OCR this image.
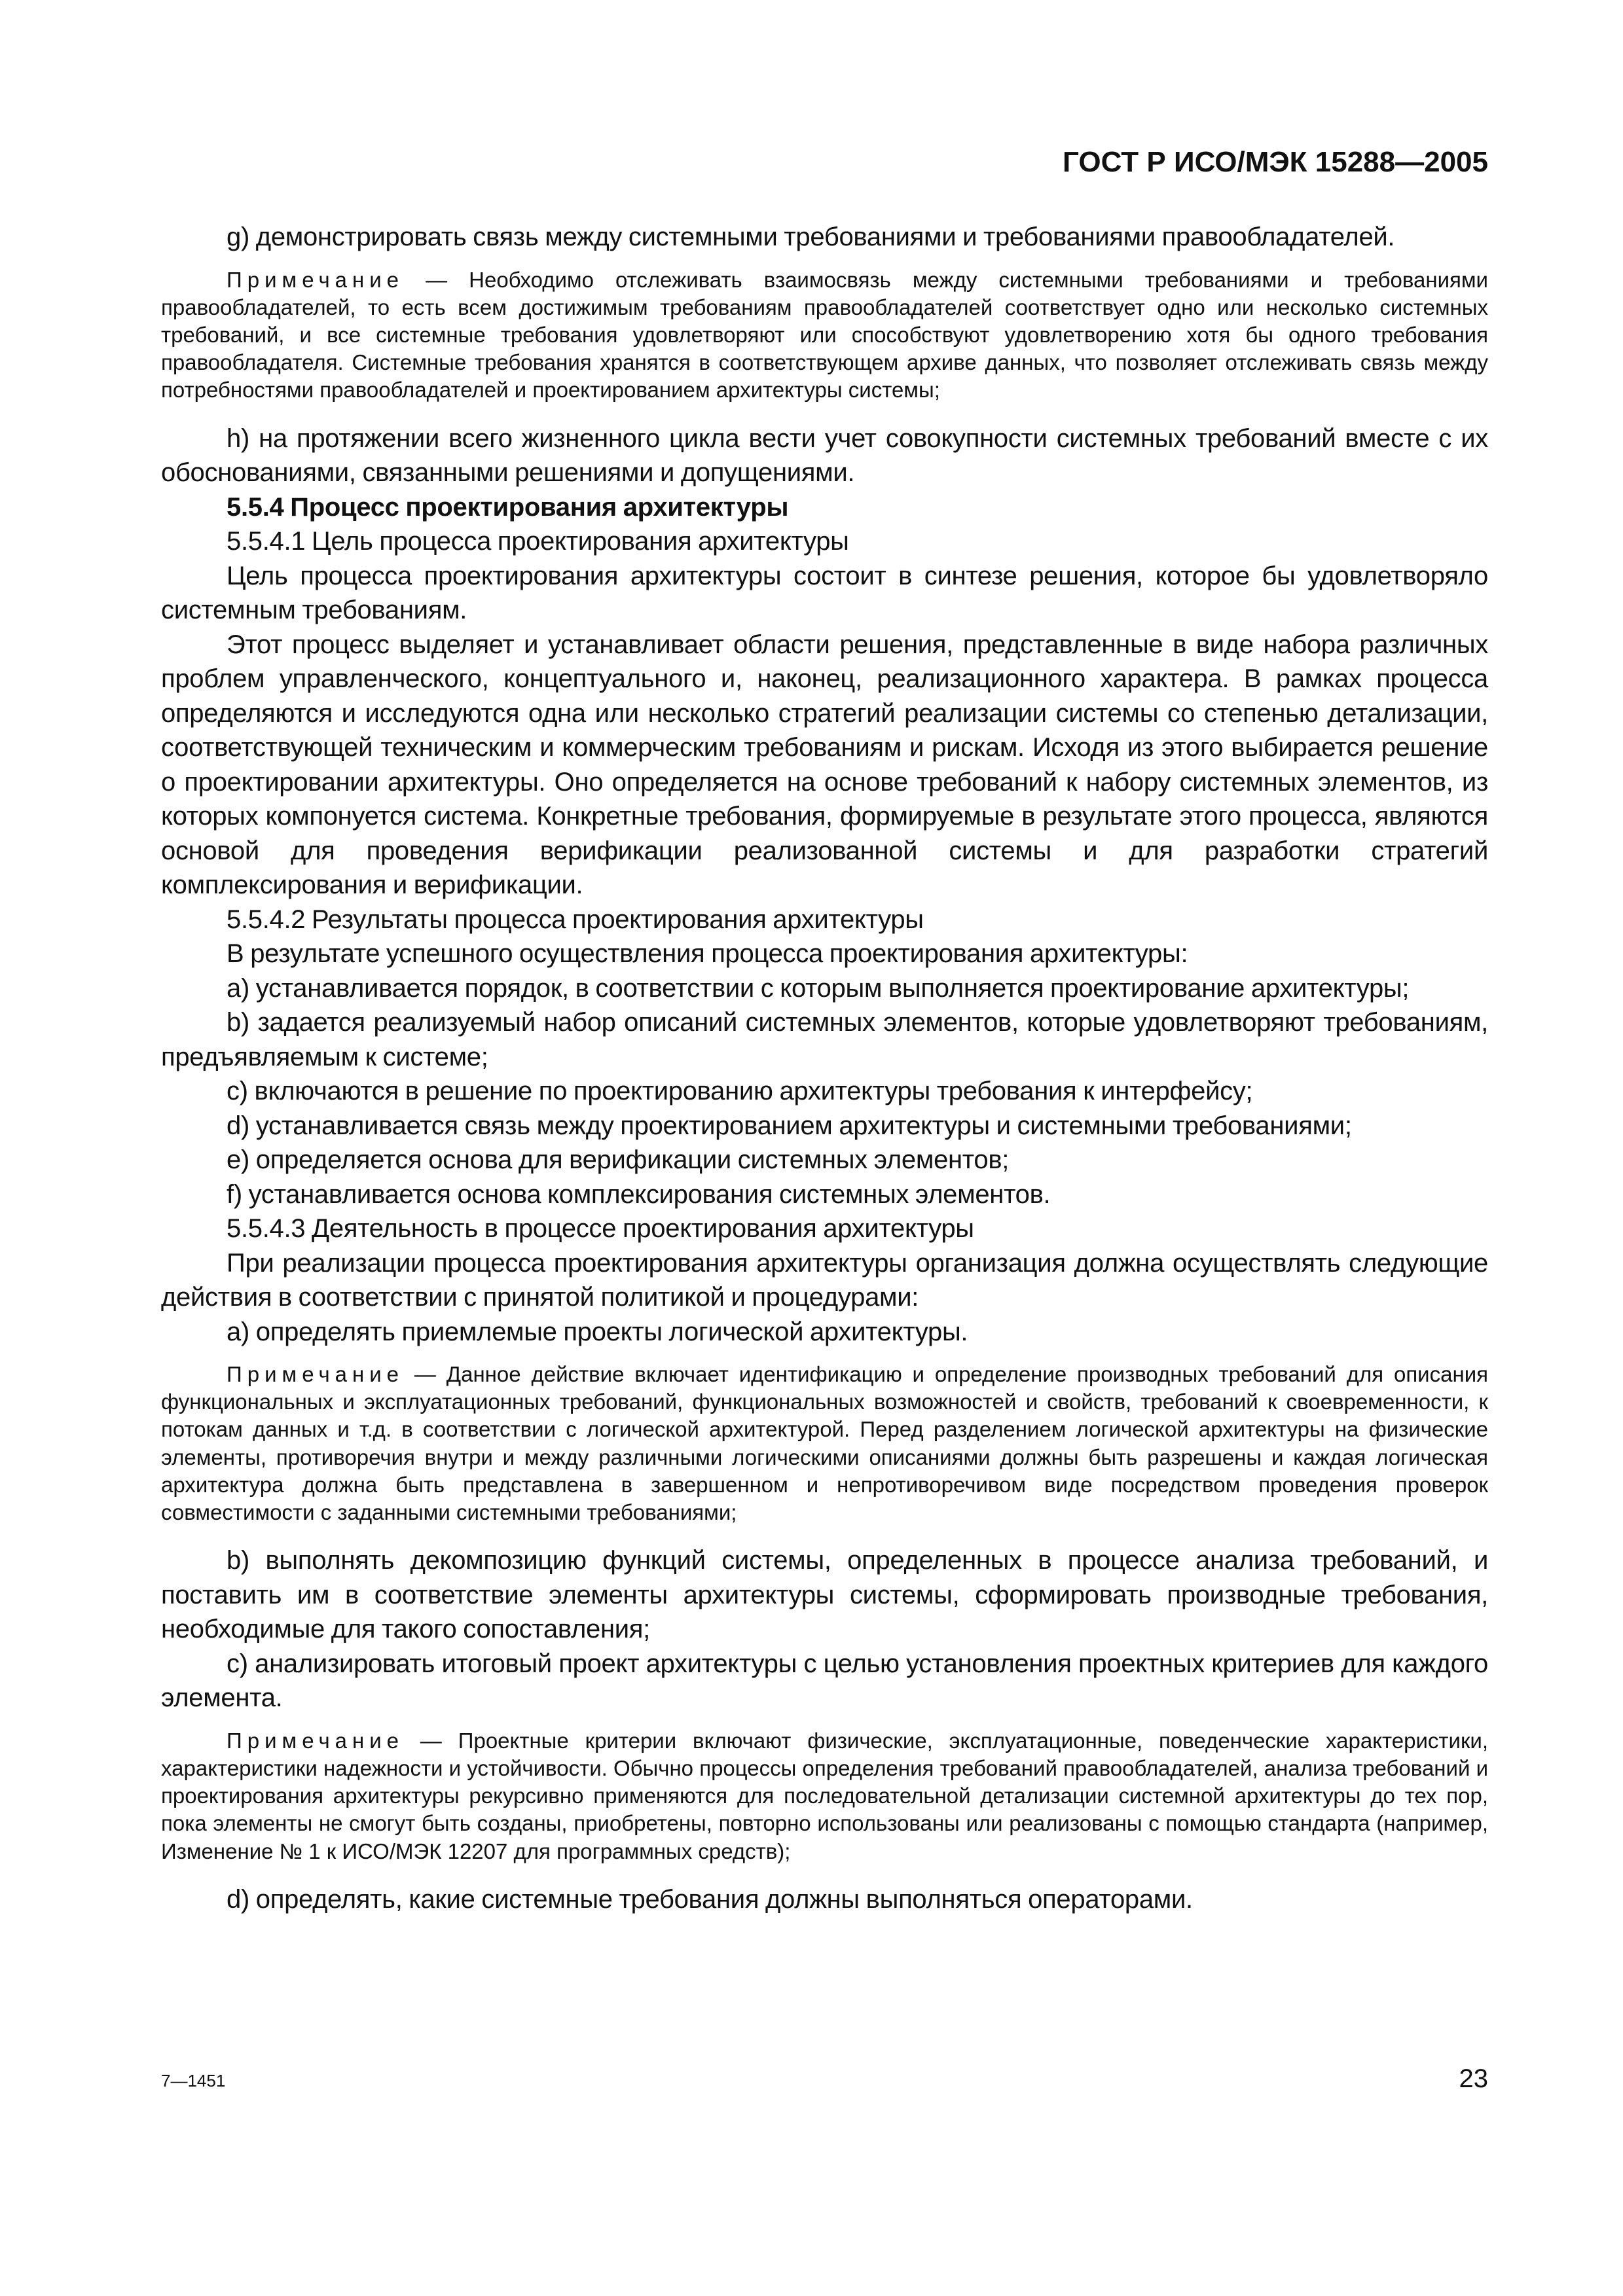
ГОСТ Р ИСО/МЭК 15288—2005

g) демонстрировать связь между системными требованиями и требованиями правообладателей.

Примечание — Необходимо отслеживать взаимосвязь между системными требованиями и требованиями правообладателей, то есть всем достижимым требованиям правообладателей соответствует одно или несколько системных требований, и все системные требования удовлетворяют или способствуют удовлетворению хотя бы одного требования правообладателя. Системные требования хранятся в соответствующем архиве данных, что позволяет отслеживать связь между потребностями правообладателей и проектированием архитектуры системы;

h) на протяжении всего жизненного цикла вести учет совокупности системных требований вместе с их обоснованиями, связанными решениями и допущениями.

5.5.4 Процесс проектирования архитектуры

5.5.4.1 Цель процесса проектирования архитектуры

Цель процесса проектирования архитектуры состоит в синтезе решения, которое бы удовлетворяло системным требованиям.

Этот процесс выделяет и устанавливает области решения, представленные в виде набора различных проблем управленческого, концептуального и, наконец, реализационного характера. В рамках процесса определяются и исследуются одна или несколько стратегий реализации системы со степенью детализации, соответствующей техническим и коммерческим требованиям и рискам. Исходя из этого выбирается решение о проектировании архитектуры. Оно определяется на основе требований к набору системных элементов, из которых компонуется система. Конкретные требования, формируемые в результате этого процесса, являются основой для проведения верификации реализованной системы и для разработки стратегий комплексирования и верификации.

5.5.4.2 Результаты процесса проектирования архитектуры

В результате успешного осуществления процесса проектирования архитектуры:

a) устанавливается порядок, в соответствии с которым выполняется проектирование архитектуры;

b) задается реализуемый набор описаний системных элементов, которые удовлетворяют требованиям, предъявляемым к системе;

c) включаются в решение по проектированию архитектуры требования к интерфейсу;

d) устанавливается связь между проектированием архитектуры и системными требованиями;

e) определяется основа для верификации системных элементов;

f) устанавливается основа комплексирования системных элементов.

5.5.4.3 Деятельность в процессе проектирования архитектуры

При реализации процесса проектирования архитектуры организация должна осуществлять следующие действия в соответствии с принятой политикой и процедурами:

a) определять приемлемые проекты логической архитектуры.

Примечание — Данное действие включает идентификацию и определение производных требований для описания функциональных и эксплуатационных требований, функциональных возможностей и свойств, требований к своевременности, к потокам данных и т.д. в соответствии с логической архитектурой. Перед разделением логической архитектуры на физические элементы, противоречия внутри и между различными логическими описаниями должны быть разрешены и каждая логическая архитектура должна быть представлена в завершенном и непротиворечивом виде посредством проведения проверок совместимости с заданными системными требованиями;

b) выполнять декомпозицию функций системы, определенных в процессе анализа требований, и поставить им в соответствие элементы архитектуры системы, сформировать производные требования, необходимые для такого сопоставления;

c) анализировать итоговый проект архитектуры с целью установления проектных критериев для каждого элемента.

Примечание — Проектные критерии включают физические, эксплуатационные, поведенческие характеристики, характеристики надежности и устойчивости. Обычно процессы определения требований правообладателей, анализа требований и проектирования архитектуры рекурсивно применяются для последовательной детализации системной архитектуры до тех пор, пока элементы не смогут быть созданы, приобретены, повторно использованы или реализованы с помощью стандарта (например, Изменение № 1 к ИСО/МЭК 12207 для программных средств);

d) определять, какие системные требования должны выполняться операторами.

7—1451	23
